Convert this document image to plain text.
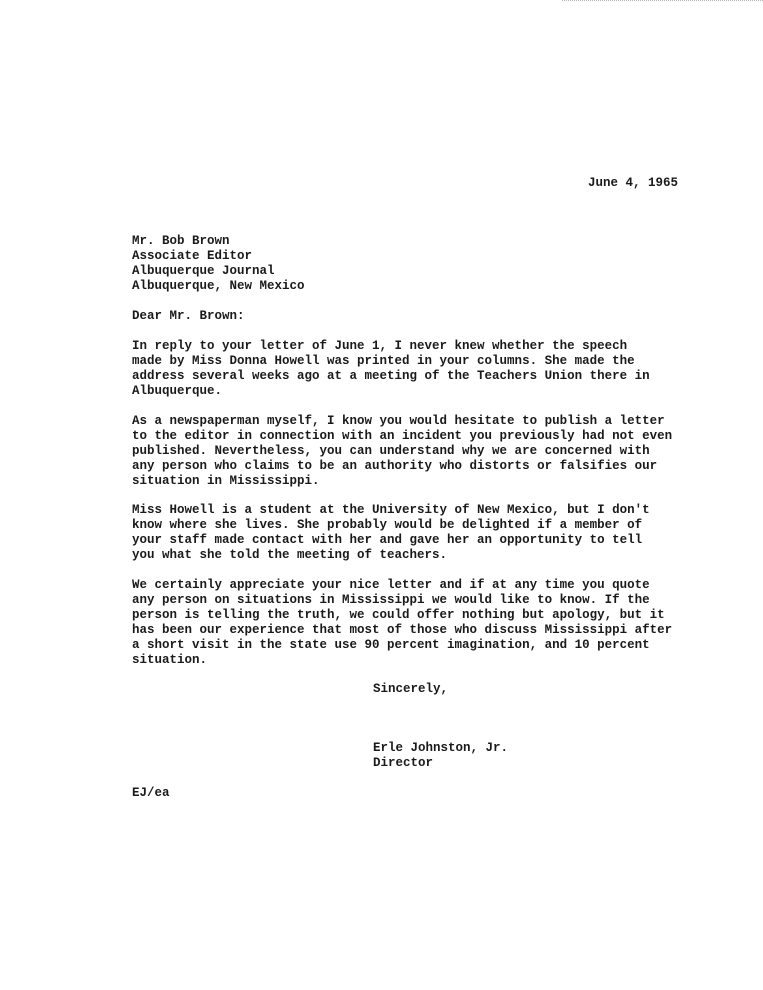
June 4, 1965
Mr. Bob Brown
Associate Editor
Albuquerque Journal
Albuquerque, New Mexico
Dear Mr. Brown:
In reply to your letter of June 1, I never knew whether the speech
made by Miss Donna Howell was printed in your columns. She made the
address several weeks ago at a meeting of the Teachers Union there in
Albuquerque.
As a newspaperman myself, I know you would hesitate to publish a letter
to the editor in connection with an incident you previously had not even
published. Nevertheless, you can understand why we are concerned with
any person who claims to be an authority who distorts or falsifies our
situation in Mississippi.
Miss Howell is a student at the University of New Mexico, but I don't
know where she lives. She probably would be delighted if a member of
your staff made contact with her and gave her an opportunity to tell
you what she told the meeting of teachers.
We certainly appreciate your nice letter and if at any time you quote
any person on situations in Mississippi we would like to know. If the
person is telling the truth, we could offer nothing but apology, but it
has been our experience that most of those who discuss Mississippi after
a short visit in the state use 90 percent imagination, and 10 percent
situation.
Sincerely,
Erle Johnston, Jr.
Director
EJ/ea
